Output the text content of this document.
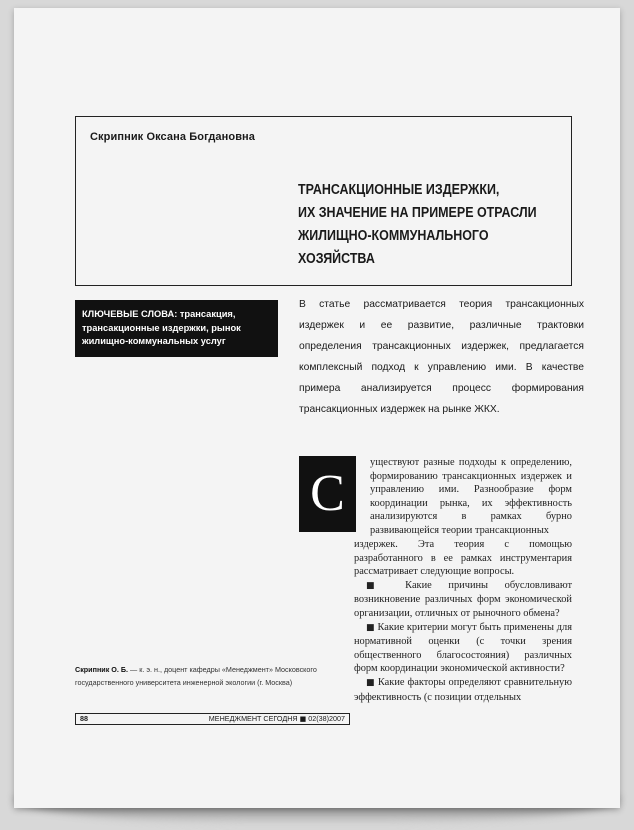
Скрипник Оксана Богдановна
ТРАНСАКЦИОННЫЕ ИЗДЕРЖКИ,
ИХ ЗНАЧЕНИЕ НА ПРИМЕРЕ ОТРАСЛИ
ЖИЛИЩНО-КОММУНАЛЬНОГО
ХОЗЯЙСТВА
КЛЮЧЕВЫЕ СЛОВА: трансакция, трансакционные издержки, рынок жилищно-коммунальных услуг

В статье рассматривается теория трансакционных издержек и ее развитие, различные трактовки определения трансакционных издержек, предлагается комплексный подход к управлению ими. В качестве примера анализируется процесс формирования трансакционных издержек на рынке ЖКХ.

С

уществуют разные подходы к определению, формированию трансакционных издержек и управлению ими. Разнообразие форм координации рынка, их эффективность анализируются в рамках бурно развивающейся теории трансакционных

издержек. Эта теория с помощью разработанного в ее рамках инструментария рассматривает следующие вопросы.

■ Какие причины обусловливают возникновение различных форм экономической организации, отличных от рыночного обмена?

■ Какие критерии могут быть применены для нормативной оценки (с точки зрения общественного благосостояния) различных форм координации экономической активности?

■ Какие факторы определяют сравнительную эффективность (с позиции отдельных

Скрипник О. Б. — к. э. н., доцент кафедры «Менеджмент» Московского государственного университета инженерной экологии (г. Москва)
88	МЕНЕДЖМЕНТ СЕГОДНЯ ■ 02(38)2007
